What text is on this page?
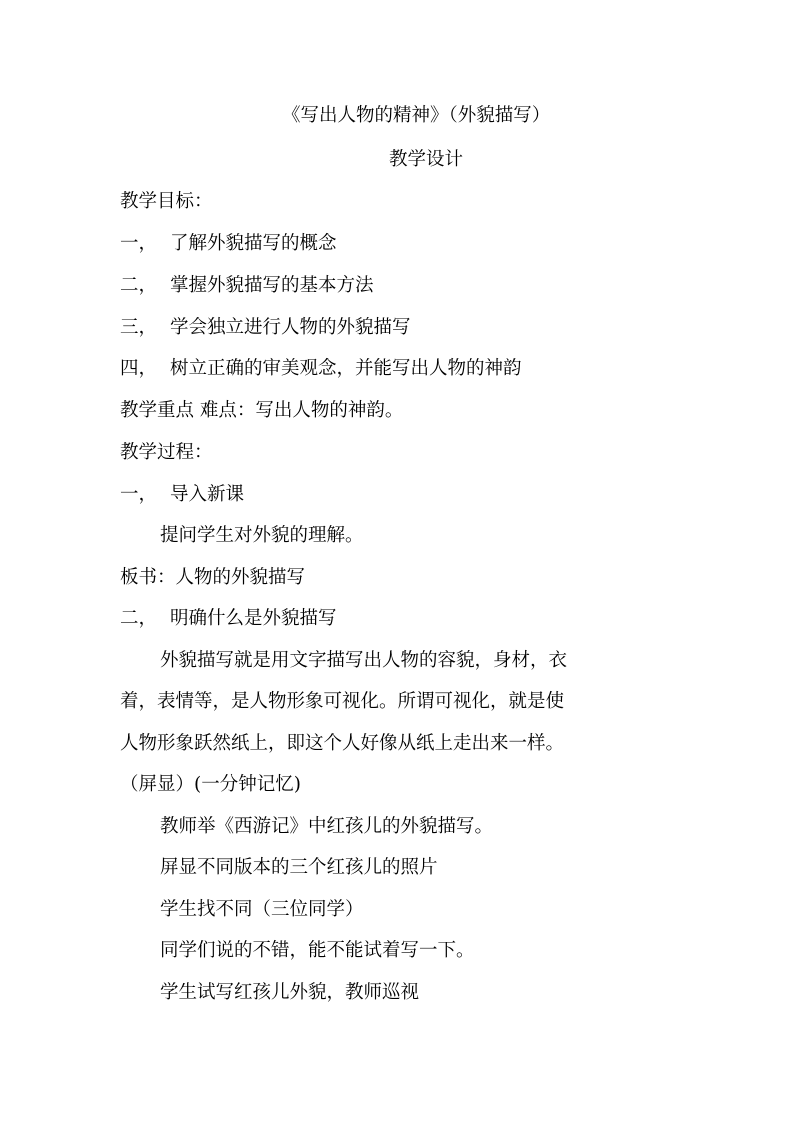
《写出人物的精神》（外貌描写）
教学设计
教学目标：
一， 了解外貌描写的概念
二， 掌握外貌描写的基本方法
三， 学会独立进行人物的外貌描写
四， 树立正确的审美观念，并能写出人物的神韵
教学重点 难点：写出人物的神韵。
教学过程：
一， 导入新课
提问学生对外貌的理解。
板书：人物的外貌描写
二， 明确什么是外貌描写
外貌描写就是用文字描写出人物的容貌，身材，衣
着，表情等，是人物形象可视化。所谓可视化，就是使
人物形象跃然纸上，即这个人好像从纸上走出来一样。
（屏显）(一分钟记忆)
教师举《西游记》中红孩儿的外貌描写。
屏显不同版本的三个红孩儿的照片
学生找不同（三位同学）
同学们说的不错，能不能试着写一下。
学生试写红孩儿外貌，教师巡视
